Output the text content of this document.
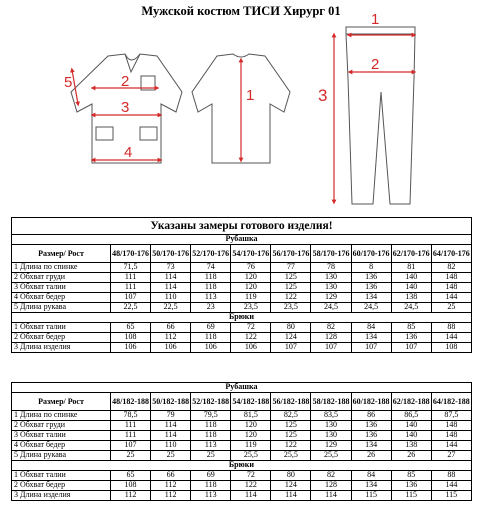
Мужской костюм ТИСИ Хирург 01	1
2
3
1
2
3
4
5
Указаны замеры готового изделия!									
Рубашка									
Размер/ Рост	48/170-176	50/170-176	52/170-176	54/170-176	56/170-176	58/170-176	60/170-176	62/170-176	64/170-176
1 Длина по спинке	71,5	73	74	76	77	78	8	81	82
2 Обхват груди	111	114	118	120	125	130	136	140	148
3 Обхват талии	111	114	118	120	125	130	136	140	148
4 Обхват бедер	107	110	113	119	122	129	134	138	144
5 Длина рукава	22,5	22,5	23	23,5	23,5	24,5	24,5	24,5	25
Брюки									
1 Обхват талии	65	66	69	72	80	82	84	85	88
2 Обхват бедер	108	112	118	122	124	128	134	136	144
3 Длина изделия	106	106	106	106	107	107	107	107	108
Рубашка									
Размер/ Рост	48/182-188	50/182-188	52/182-188	54/182-188	56/182-188	58/182-188	60/182-188	62/182-188	64/182-188
1 Длина по спинке	78,5	79	79,5	81,5	82,5	83,5	86	86,5	87,5
2 Обхват груди	111	114	118	120	125	130	136	140	148
3 Обхват талии	111	114	118	120	125	130	136	140	148
4 Обхват бедер	107	110	113	119	122	129	134	138	144
5 Длина рукава	25	25	25	25,5	25,5	25,5	26	26	27
Брюки									
1 Обхват талии	65	66	69	72	80	82	84	85	88
2 Обхват бедер	108	112	118	122	124	128	134	136	144
3 Длина изделия	112	112	113	114	114	114	115	115	115
